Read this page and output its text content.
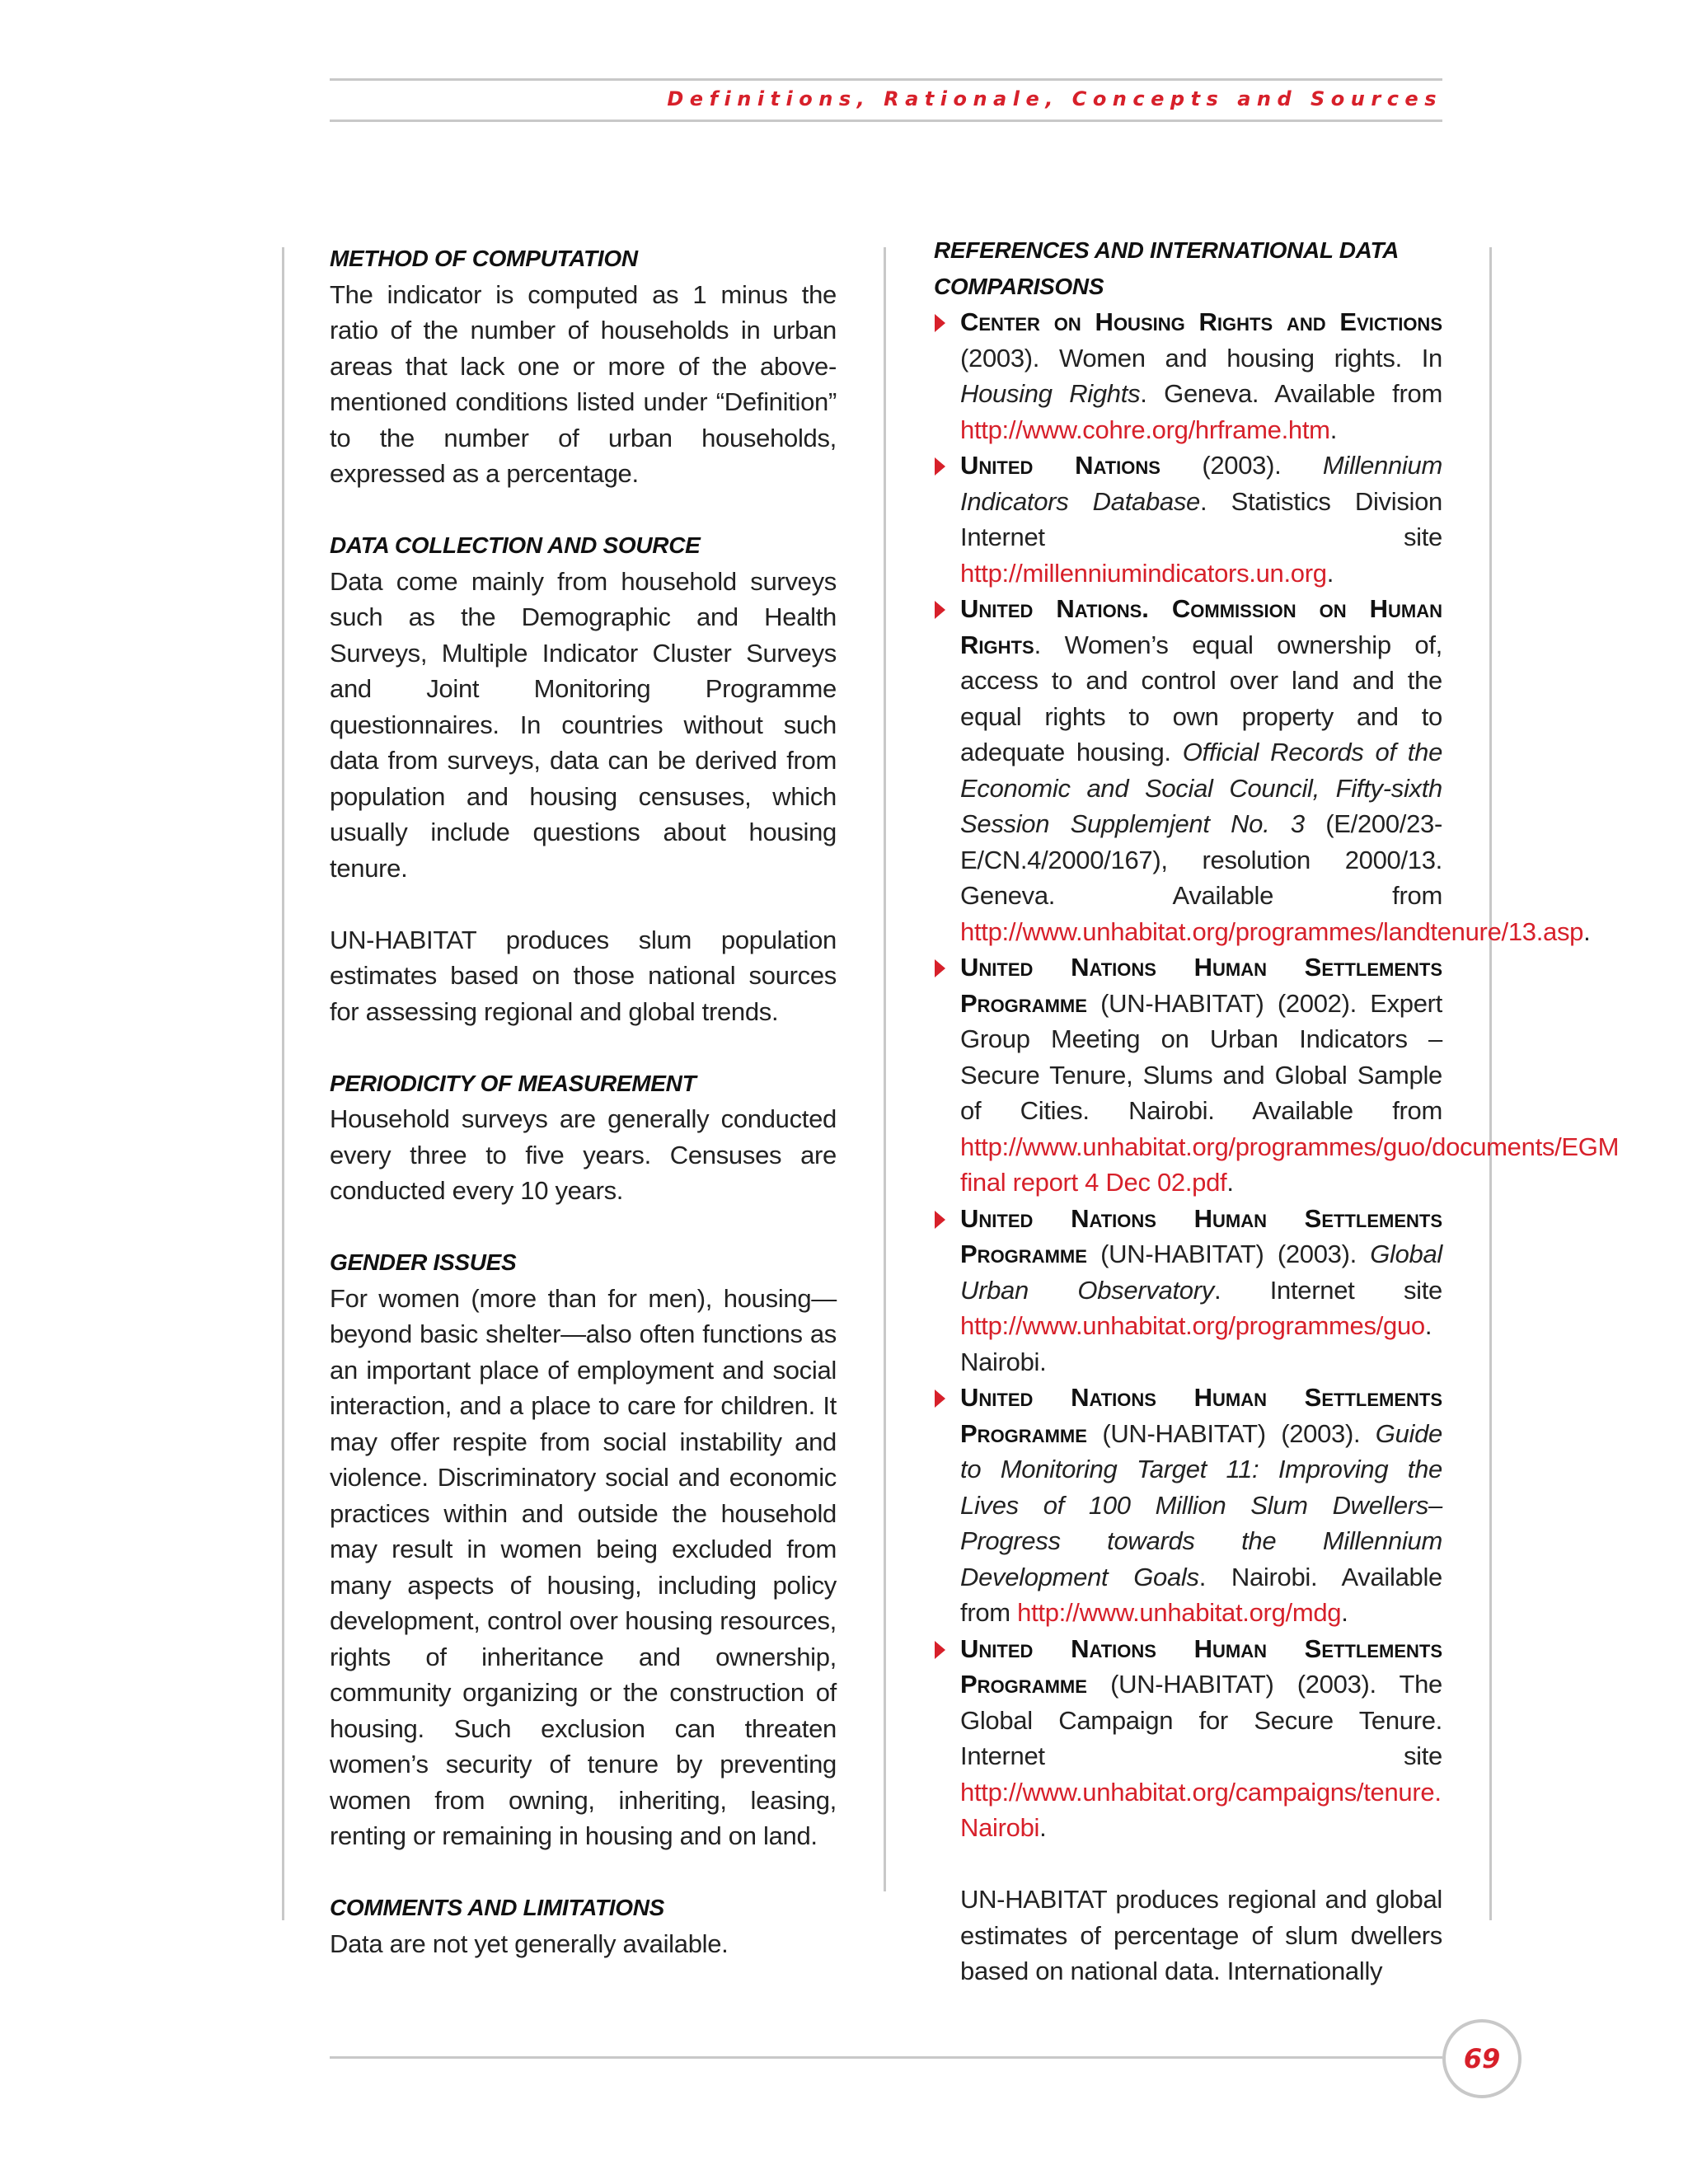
Definitions, Rationale, Concepts and Sources
METHOD OF COMPUTATION

The indicator is computed as 1 minus the ratio of the number of households in urban areas that lack one or more of the above-mentioned conditions listed under “Definition” to the number of urban households, expressed as a percentage.

DATA COLLECTION AND SOURCE

Data come mainly from household surveys such as the Demographic and Health Surveys, Multiple Indicator Cluster Surveys and Joint Monitoring Programme questionnaires. In countries without such data from surveys, data can be derived from population and housing censuses, which usually include questions about housing tenure.

UN-HABITAT produces slum population estimates based on those national sources for assessing regional and global trends.

PERIODICITY OF MEASUREMENT

Household surveys are generally conducted every three to five years. Censuses are conducted every 10 years.

GENDER ISSUES

For women (more than for men), housing—beyond basic shelter—also often functions as an important place of employment and social interaction, and a place to care for children. It may offer respite from social instability and violence. Discriminatory social and economic practices within and outside the household may result in women being excluded from many aspects of housing, including policy development, control over housing resources, rights of inheritance and ownership, community organizing or the construction of housing. Such exclusion can threaten women’s security of tenure by preventing women from owning, inheriting, leasing, renting or remaining in housing and on land.

COMMENTS AND LIMITATIONS

Data are not yet generally available.

REFERENCES AND INTERNATIONAL DATA
COMPARISONS
Center on Housing Rights and Evictions (2003). Women and housing rights. In Housing Rights. Geneva. Available from http://www.cohre.org/hrframe.htm.
United Nations (2003). Millennium Indicators Database. Statistics Division Internet site http://millenniumindicators.un.org.
United Nations. Commission on Human Rights. Women’s equal ownership of, access to and control over land and the equal rights to own property and to adequate housing. Official Records of the Economic and Social Council, Fifty-sixth Session Supplemjent No. 3 (E/200/23-E/CN.4/2000/167), resolution 2000/13. Geneva. Available from http://www.unhabitat.org/programmes/landtenure/13.asp.
United Nations Human Settlements Programme (UN-HABITAT) (2002). Expert Group Meeting on Urban Indicators – Secure Tenure, Slums and Global Sample of Cities. Nairobi. Available from http://www.unhabitat.org/programmes/guo/documents/EGM final report 4 Dec 02.pdf.
United Nations Human Settlements Programme (UN-HABITAT) (2003). Global Urban Observatory. Internet site http://www.unhabitat.org/programmes/guo. Nairobi.
United Nations Human Settlements Programme (UN-HABITAT) (2003). Guide to Monitoring Target 11: Improving the Lives of 100 Million Slum Dwellers–Progress towards the Millennium Development Goals. Nairobi. Available from http://www.unhabitat.org/mdg.
United Nations Human Settlements Programme (UN-HABITAT) (2003). The Global Campaign for Secure Tenure. Internet site http://www.unhabitat.org/campaigns/tenure. Nairobi.

UN-HABITAT produces regional and global estimates of percentage of slum dwellers based on national data. Internationally

69
